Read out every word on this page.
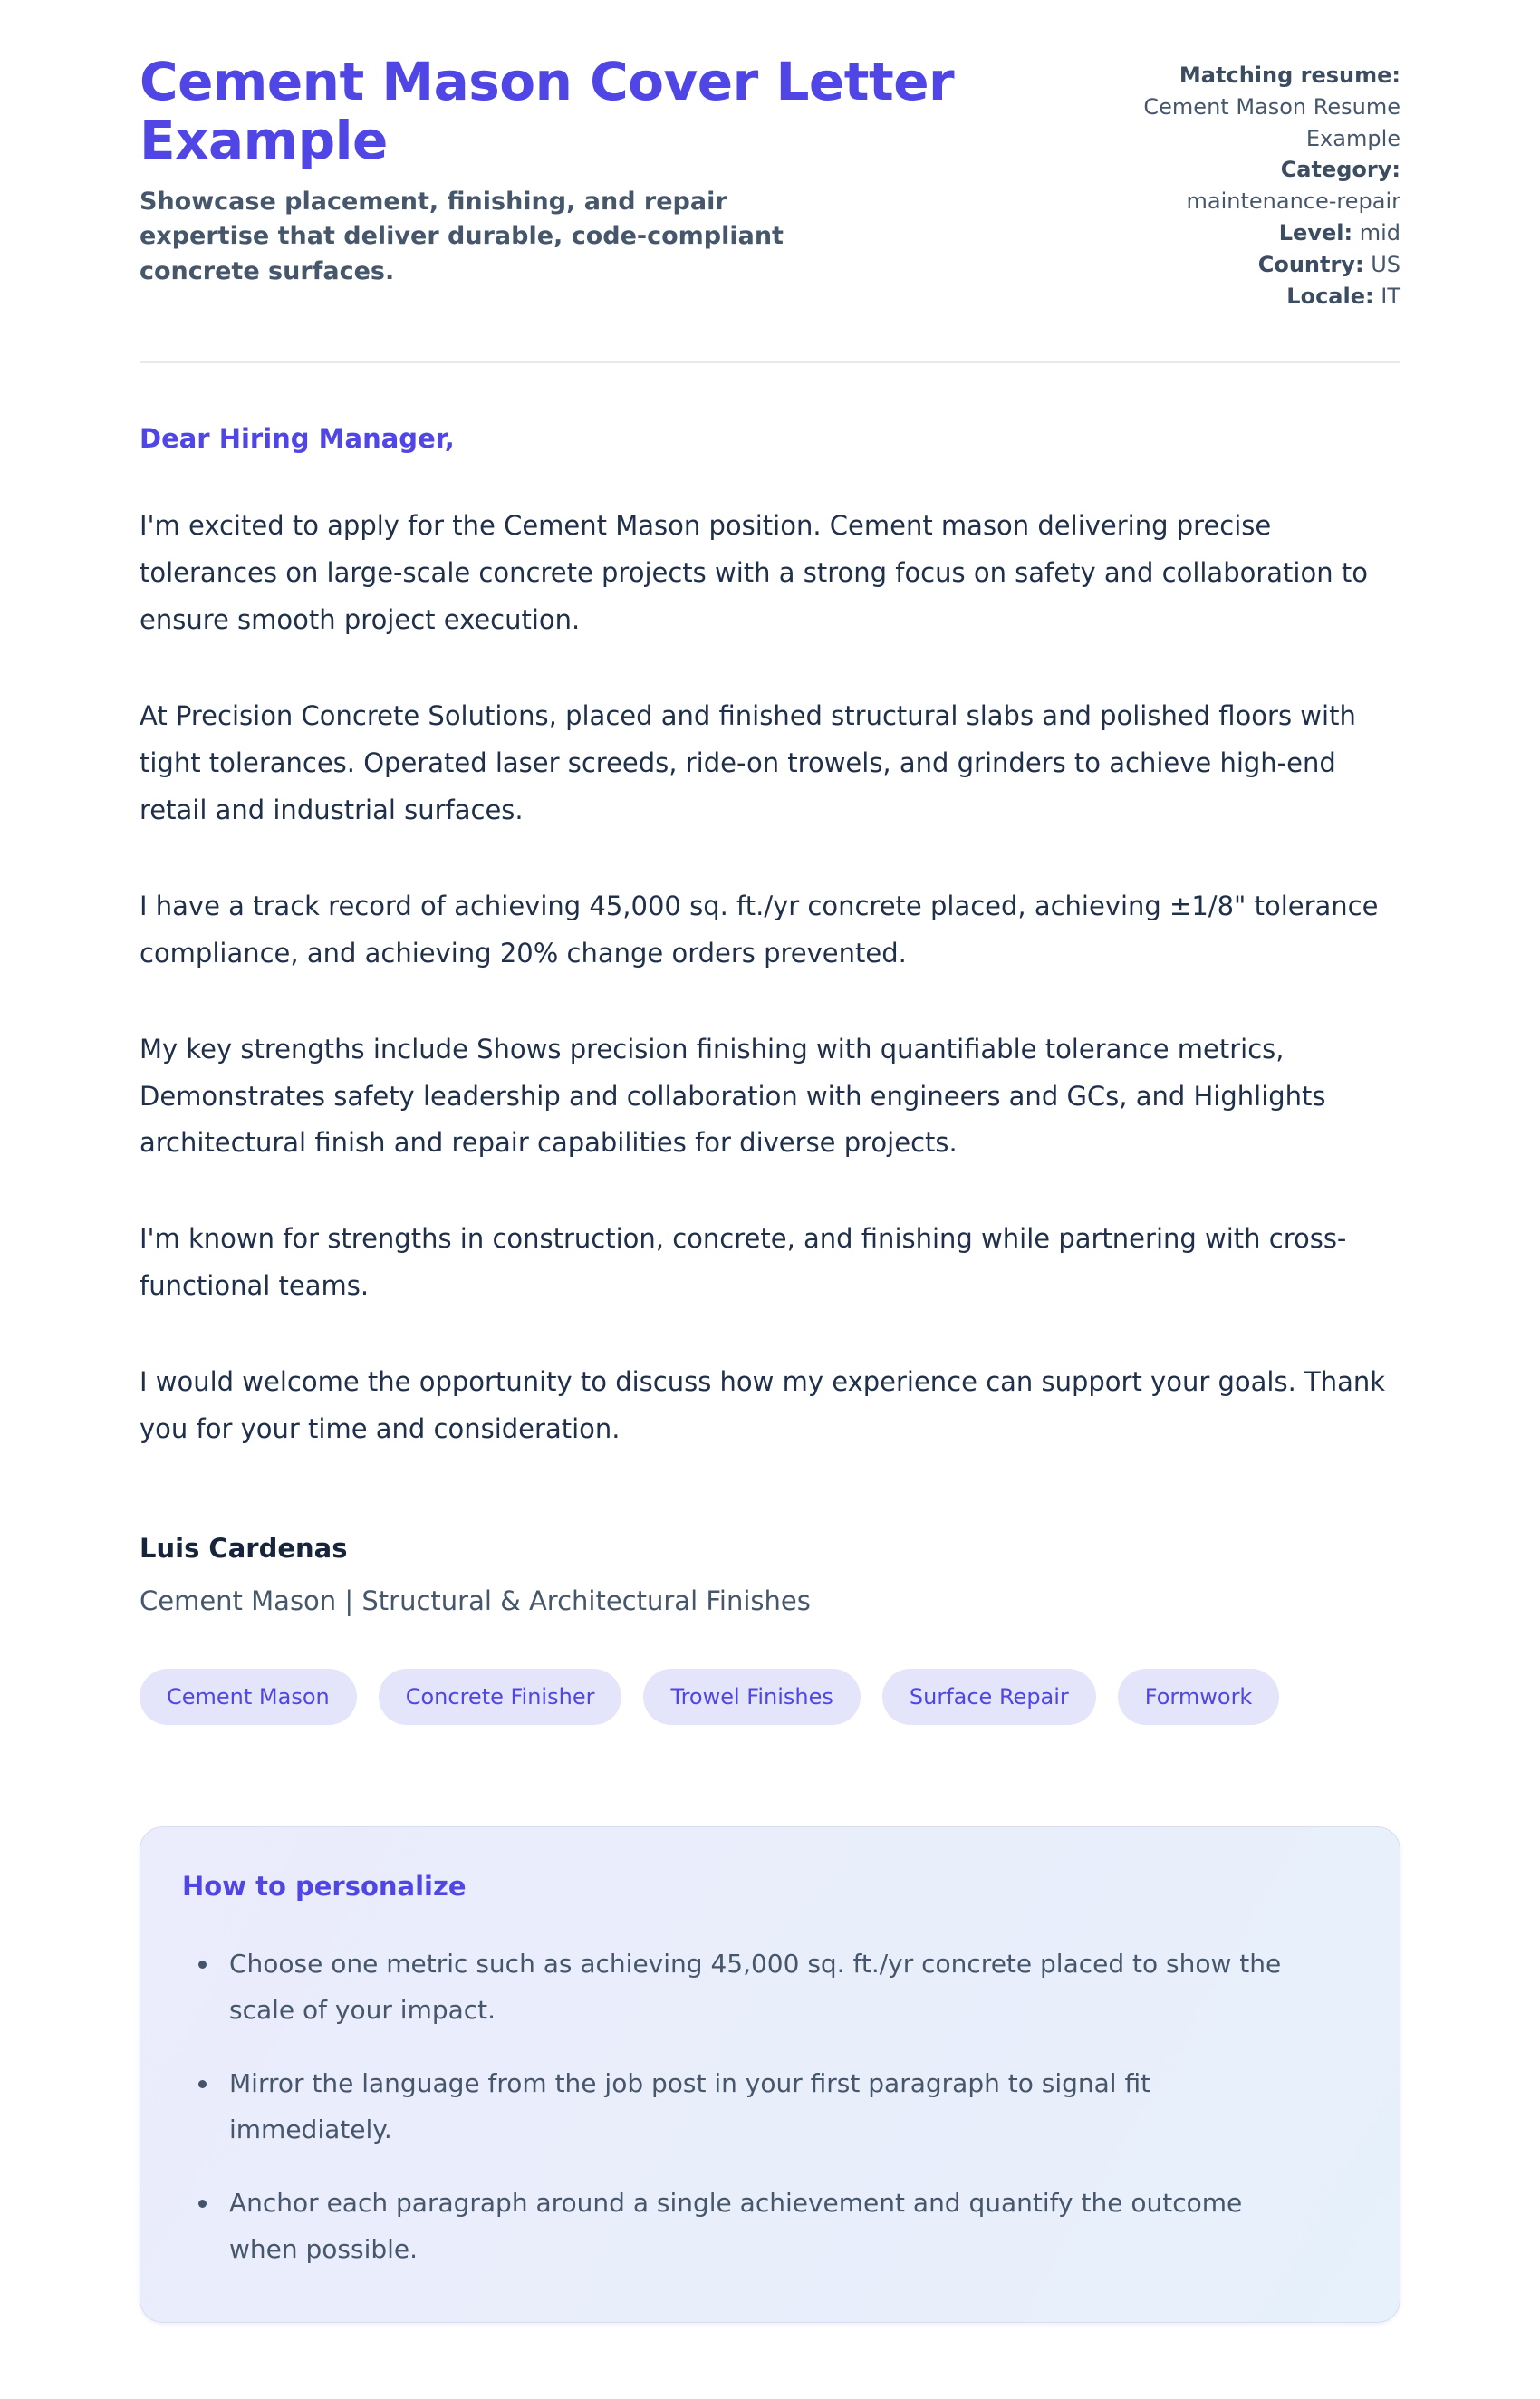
Cement Mason Cover Letter Example

Showcase placement, finishing, and repair expertise that deliver durable, code-compliant concrete surfaces.

Matching resume: Cement Mason Resume Example

Category: maintenance-repair

Level: mid

Country: US

Locale: IT

Dear Hiring Manager,

I'm excited to apply for the Cement Mason position. Cement mason delivering precise tolerances on large-scale concrete projects with a strong focus on safety and collaboration to ensure smooth project execution.

At Precision Concrete Solutions, placed and finished structural slabs and polished floors with tight tolerances. Operated laser screeds, ride-on trowels, and grinders to achieve high-end retail and industrial surfaces.

I have a track record of achieving 45,000 sq. ft./yr concrete placed, achieving ±1/8" tolerance compliance, and achieving 20% change orders prevented.

My key strengths include Shows precision finishing with quantifiable tolerance metrics, Demonstrates safety leadership and collaboration with engineers and GCs, and Highlights architectural finish and repair capabilities for diverse projects.

I'm known for strengths in construction, concrete, and finishing while partnering with cross-functional teams.

I would welcome the opportunity to discuss how my experience can support your goals. Thank you for your time and consideration.

Luis Cardenas

Cement Mason | Structural & Architectural Finishes

Cement Mason	Concrete Finisher	Trowel Finishes	Surface Repair	Formwork
How to personalize
• Choose one metric such as achieving 45,000 sq. ft./yr concrete placed to show the scale of your impact.
• Mirror the language from the job post in your first paragraph to signal fit immediately.
• Anchor each paragraph around a single achievement and quantify the outcome when possible.
